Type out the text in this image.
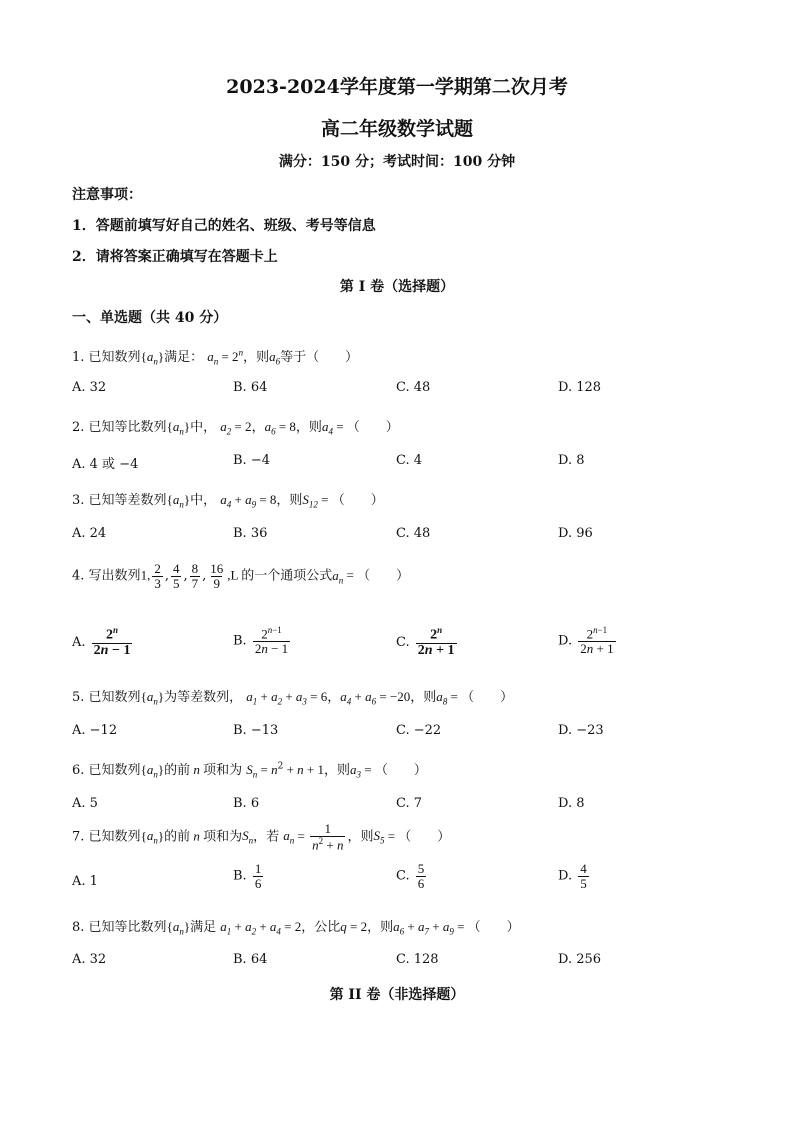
2023-2024学年度第一学期第二次月考
高二年级数学试题
满分：150 分；考试时间：100 分钟
注意事项：
1．答题前填写好自己的姓名、班级、考号等信息
2．请将答案正确填写在答题卡上
第 I 卷（选择题）
一、单选题（共 40 分）
1. 已知数列$\{a_n\}$满足： $a_n = 2^n$，则$a_6$等于（　　）
A. 32	B. 64	C. 48	D. 128
2. 已知等比数列$\{a_n\}$中， $a_2 = 2$，$a_6 = 8$，则$a_4$ = （　　）
A. 4 或 −4	B. −4	C. 4	D. 8
3. 已知等差数列$\{a_n\}$中， $a_4 + a_9 = 8$，则$S_{12}$ = （　　）
A. 24	B. 36	C. 48	D. 96
4. 写出数列1, $\frac{2}{3}$ , $\frac{4}{5}$ , $\frac{8}{7}$ , $\frac{16}{9} ,L$ 的一个通项公式$a_n$ = （　　）
A. $\frac{2^n}{2n - 1}$	B. $\frac{2^{n-1}}{2n - 1}$	C. $\frac{2^n}{2n + 1}$	D. $\frac{2^{n-1}}{2n + 1}$
5. 已知数列$\{a_n\}$为等差数列， $a_1 + a_2 + a_3 = 6$，$a_4 + a_6 = -20$，则$a_8$ = （　　）
A. −12	B. −13	C. −22	D. −23
6. 已知数列$\{a_n\}$的前 n 项和为 $S_n = n^2 + n + 1$，则$a_3$ = （　　）
A. 5	B. 6	C. 7	D. 8
7. 已知数列$\{a_n\}$的前 n 项和为$S_n$，若 $a_n = \frac{1}{n^2 + n}$ ，则$S_5$ = （　　）
A. 1	B. $\frac{1}{6}$	C. $\frac{5}{6}$	D. $\frac{4}{5}$
8. 已知等比数列$\{a_n\}$满足 $a_1 + a_2 + a_4 = 2$，公比q = 2，则$a_6 + a_7 + a_9$ = （　　）
A. 32	B. 64	C. 128	D. 256
第 II 卷（非选择题）
